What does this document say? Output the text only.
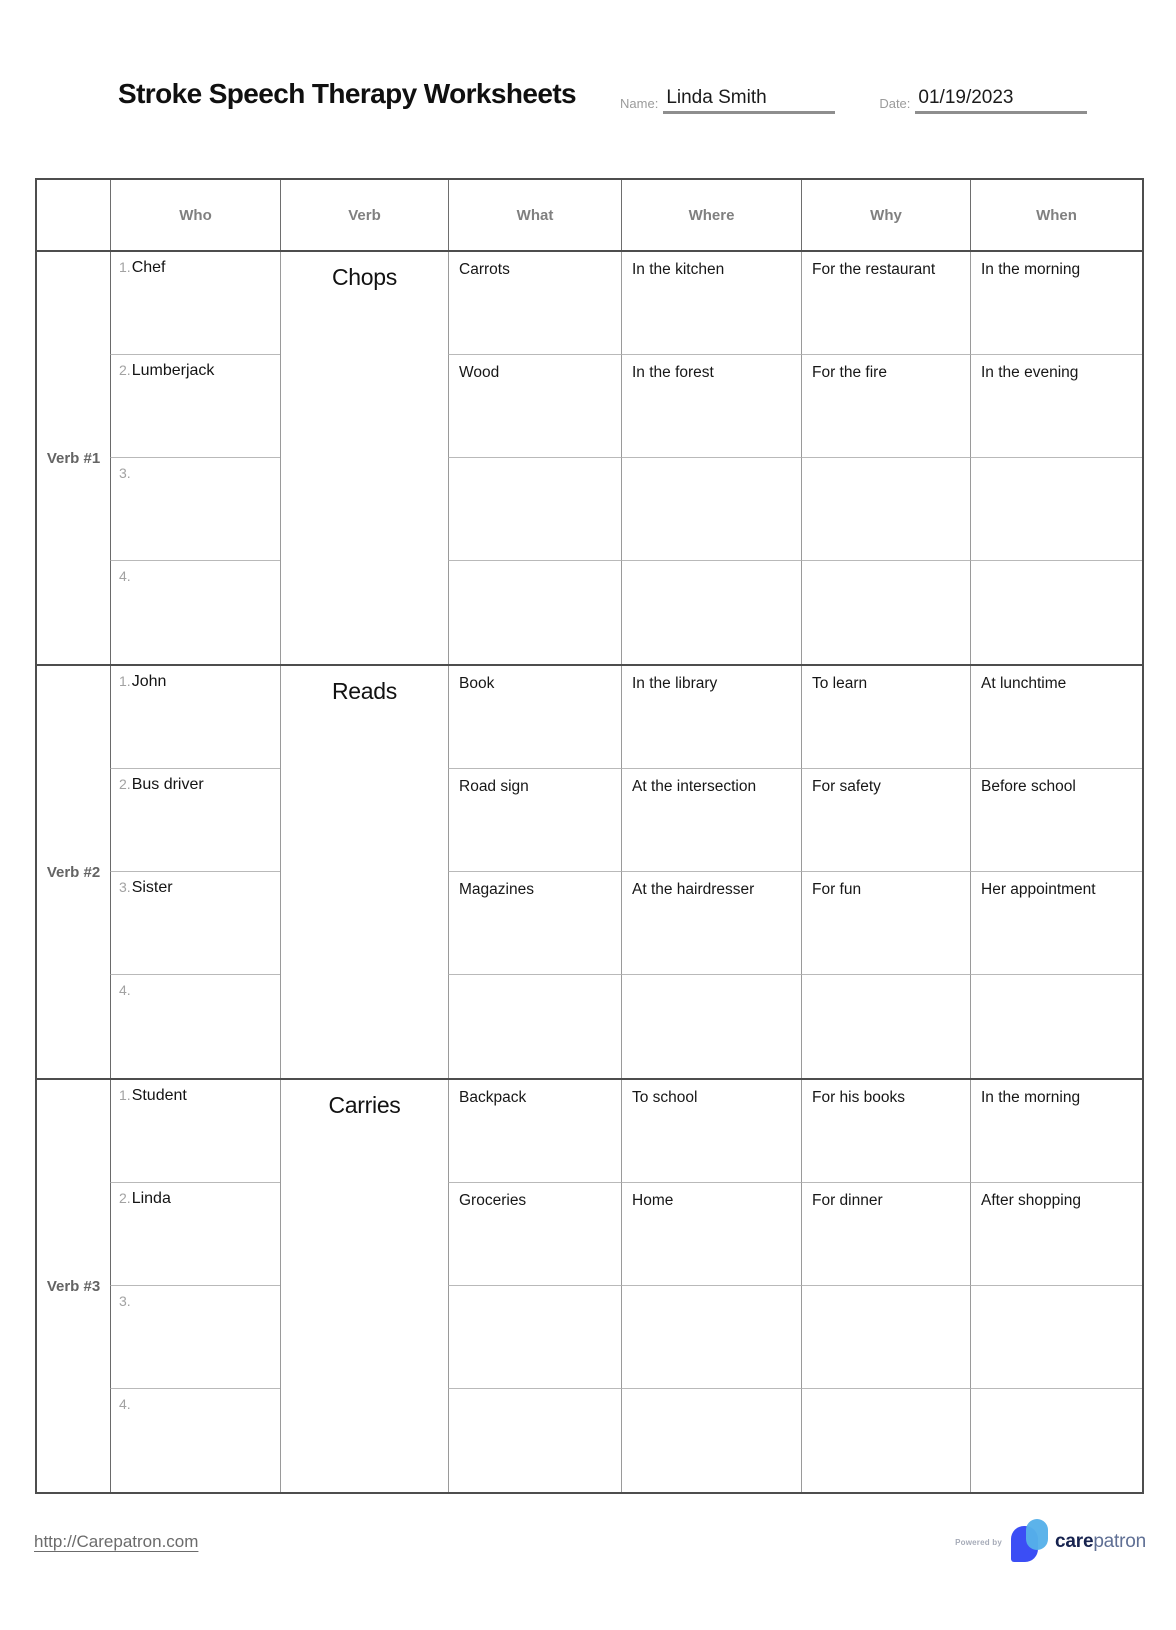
Stroke Speech Therapy Worksheets	Name: Linda Smith	Date: 01/19/2023
Who	Verb	What	Where	Why	When
Verb #1
Chops
1.Chef	Carrots	In the kitchen	For the restaurant	In the morning
2.Lumberjack	Wood	In the forest	For the fire	In the evening
3.
4.
Verb #2
Reads
1.John	Book	In the library	To learn	At lunchtime
2.Bus driver	Road sign	At the intersection	For safety	Before school
3.Sister	Magazines	At the hairdresser	For fun	Her appointment
4.
Verb #3
Carries
1.Student	Backpack	To school	For his books	In the morning
2.Linda	Groceries	Home	For dinner	After shopping
3.
4.
http://Carepatron.com	Powered by	carepatron
